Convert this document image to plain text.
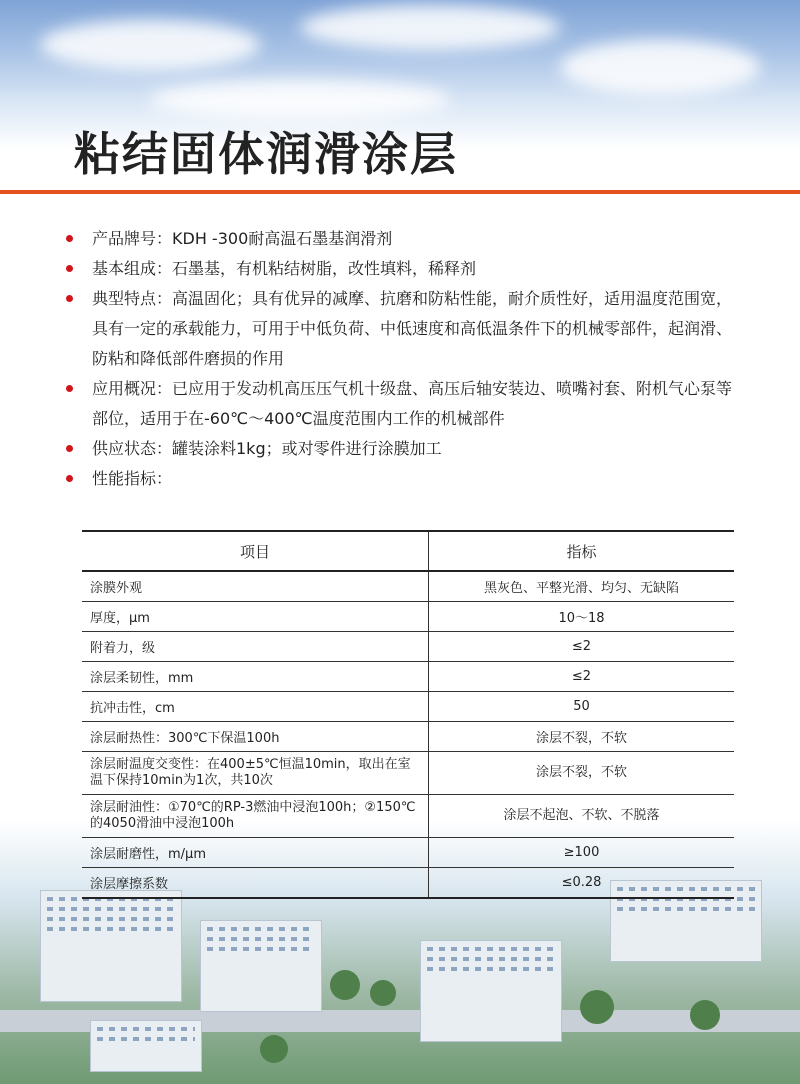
粘结固体润滑涂层
产品牌号：KDH -300耐高温石墨基润滑剂
基本组成：石墨基，有机粘结树脂，改性填料，稀释剂
典型特点：高温固化；具有优异的减摩、抗磨和防粘性能，耐介质性好，适用温度范围宽，具有一定的承载能力，可用于中低负荷、中低速度和高低温条件下的机械零部件，起润滑、防粘和降低部件磨损的作用
应用概况：已应用于发动机高压压气机十级盘、高压后轴安装边、喷嘴衬套、附机气心泵等部位，适用于在-60℃～400℃温度范围内工作的机械部件
供应状态：罐装涂料1kg；或对零件进行涂膜加工
性能指标：
项目	指标
涂膜外观	黑灰色、平整光滑、均匀、无缺陷
厚度，μm	10～18
附着力，级	≤2
涂层柔韧性，mm	≤2
抗冲击性，cm	50
涂层耐热性：300℃下保温100h	涂层不裂，不软
涂层耐温度交变性：在400±5℃恒温10min，取出在室温下保持10min为1次，共10次	涂层不裂，不软
涂层耐油性：①70℃的RP-3燃油中浸泡100h；②150℃的4050滑油中浸泡100h	涂层不起泡、不软、不脱落
涂层耐磨性，m/μm	≥100
涂层摩擦系数	≤0.28
